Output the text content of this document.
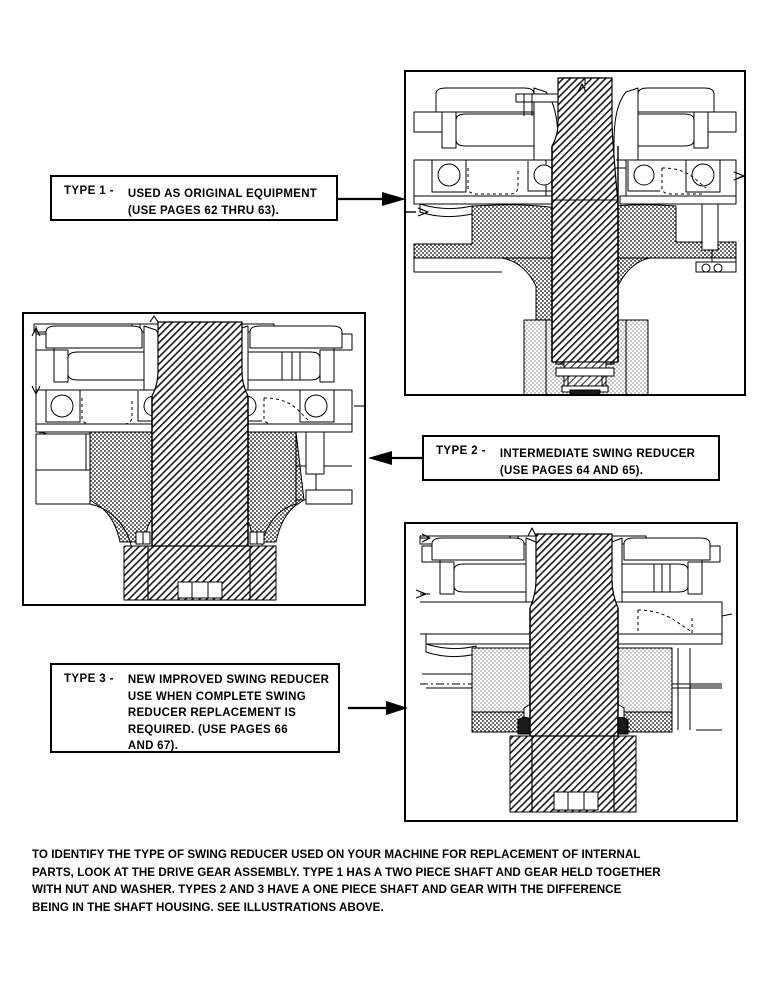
TYPE 1 - USED AS ORIGINAL EQUIPMENT
(USE PAGES 62 THRU 63).
TYPE 2 - INTERMEDIATE SWING REDUCER
(USE PAGES 64 AND 65).
TYPE 3 - NEW IMPROVED SWING REDUCER
USE WHEN COMPLETE SWING
REDUCER REPLACEMENT IS
REQUIRED. (USE PAGES 66
AND 67).
TO IDENTIFY THE TYPE OF SWING REDUCER USED ON YOUR MACHINE FOR REPLACEMENT OF INTERNAL
PARTS, LOOK AT THE DRIVE GEAR ASSEMBLY. TYPE 1 HAS A TWO PIECE SHAFT AND GEAR HELD TOGETHER
WITH NUT AND WASHER. TYPES 2 AND 3 HAVE A ONE PIECE SHAFT AND GEAR WITH THE DIFFERENCE
BEING IN THE SHAFT HOUSING. SEE ILLUSTRATIONS ABOVE.
